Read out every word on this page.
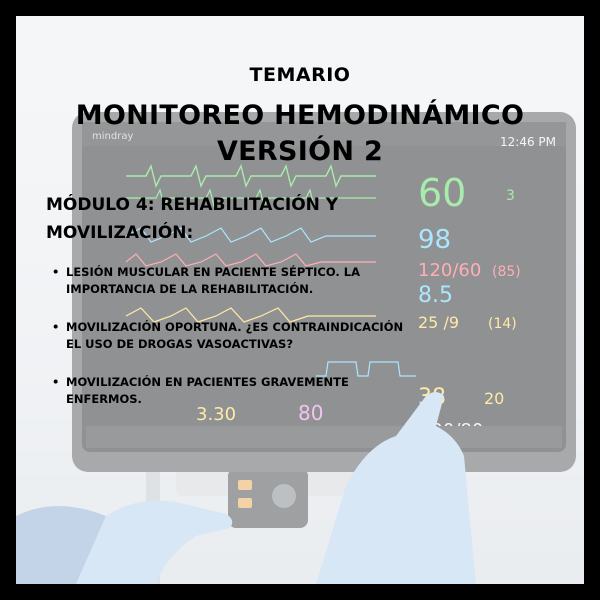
TEMARIO

MONITOREO HEMODINÁMICO

VERSIÓN 2

MÓDULO 4: REHABILITACIÓN Y MOVILIZACIÓN:

• LESIÓN MUSCULAR EN PACIENTE SÉPTICO. LA IMPORTANCIA DE LA REHABILITACIÓN.
• MOVILIZACIÓN OPORTUNA. ¿ES CONTRAINDICACIÓN EL USO DE DROGAS VASOACTIVAS?
• MOVILIZACIÓN EN PACIENTES GRAVEMENTE ENFERMOS.
